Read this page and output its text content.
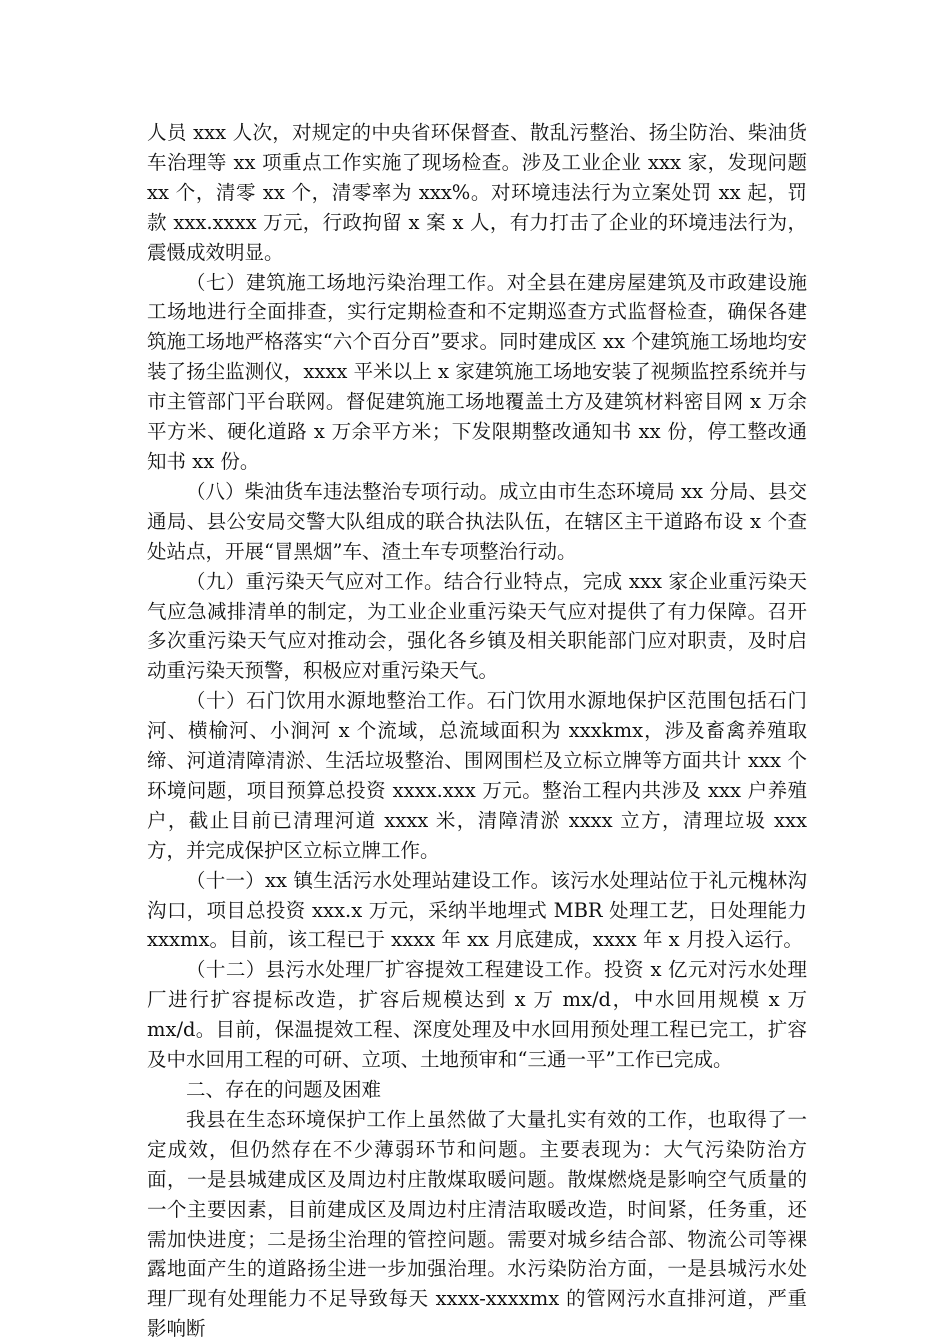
人员 xxx 人次，对规定的中央省环保督查、散乱污整治、扬尘防治、柴油货车治理等 xx 项重点工作实施了现场检查。涉及工业企业 xxx 家，发现问题 xx 个，清零 xx 个，清零率为 xxx%。对环境违法行为立案处罚 xx 起，罚款 xxx.xxxx 万元，行政拘留 x 案 x 人，有力打击了企业的环境违法行为，震慑成效明显。

（七）建筑施工场地污染治理工作。对全县在建房屋建筑及市政建设施工场地进行全面排查，实行定期检查和不定期巡查方式监督检查，确保各建筑施工场地严格落实“六个百分百”要求。同时建成区 xx 个建筑施工场地均安装了扬尘监测仪，xxxx 平米以上 x 家建筑施工场地安装了视频监控系统并与市主管部门平台联网。督促建筑施工场地覆盖土方及建筑材料密目网 x 万余平方米、硬化道路 x 万余平方米；下发限期整改通知书 xx 份，停工整改通知书 xx 份。

（八）柴油货车违法整治专项行动。成立由市生态环境局 xx 分局、县交通局、县公安局交警大队组成的联合执法队伍，在辖区主干道路布设 x 个查处站点，开展“冒黑烟”车、渣土车专项整治行动。

（九）重污染天气应对工作。结合行业特点，完成 xxx 家企业重污染天气应急减排清单的制定，为工业企业重污染天气应对提供了有力保障。召开多次重污染天气应对推动会，强化各乡镇及相关职能部门应对职责，及时启动重污染天预警，积极应对重污染天气。

（十）石门饮用水源地整治工作。石门饮用水源地保护区范围包括石门河、横榆河、小涧河 x 个流域，总流域面积为 xxxkmx，涉及畜禽养殖取缔、河道清障清淤、生活垃圾整治、围网围栏及立标立牌等方面共计 xxx 个环境问题，项目预算总投资 xxxx.xxx 万元。整治工程内共涉及 xxx 户养殖户，截止目前已清理河道 xxxx 米，清障清淤 xxxx 立方，清理垃圾 xxx 方，并完成保护区立标立牌工作。

（十一）xx 镇生活污水处理站建设工作。该污水处理站位于礼元槐林沟沟口，项目总投资 xxx.x 万元，采纳半地埋式 MBR 处理工艺，日处理能力 xxxmx。目前，该工程已于 xxxx 年 xx 月底建成，xxxx 年 x 月投入运行。

（十二）县污水处理厂扩容提效工程建设工作。投资 x 亿元对污水处理厂进行扩容提标改造，扩容后规模达到 x 万 mx/d，中水回用规模 x 万 mx/d。目前，保温提效工程、深度处理及中水回用预处理工程已完工，扩容及中水回用工程的可研、立项、土地预审和“三通一平”工作已完成。

二、存在的问题及困难

我县在生态环境保护工作上虽然做了大量扎实有效的工作，也取得了一定成效，但仍然存在不少薄弱环节和问题。主要表现为：大气污染防治方面，一是县城建成区及周边村庄散煤取暖问题。散煤燃烧是影响空气质量的一个主要因素，目前建成区及周边村庄清洁取暖改造，时间紧，任务重，还需加快进度；二是扬尘治理的管控问题。需要对城乡结合部、物流公司等裸露地面产生的道路扬尘进一步加强治理。水污染防治方面，一是县城污水处理厂现有处理能力不足导致每天 xxxx-xxxxmx 的管网污水直排河道，严重影响断
